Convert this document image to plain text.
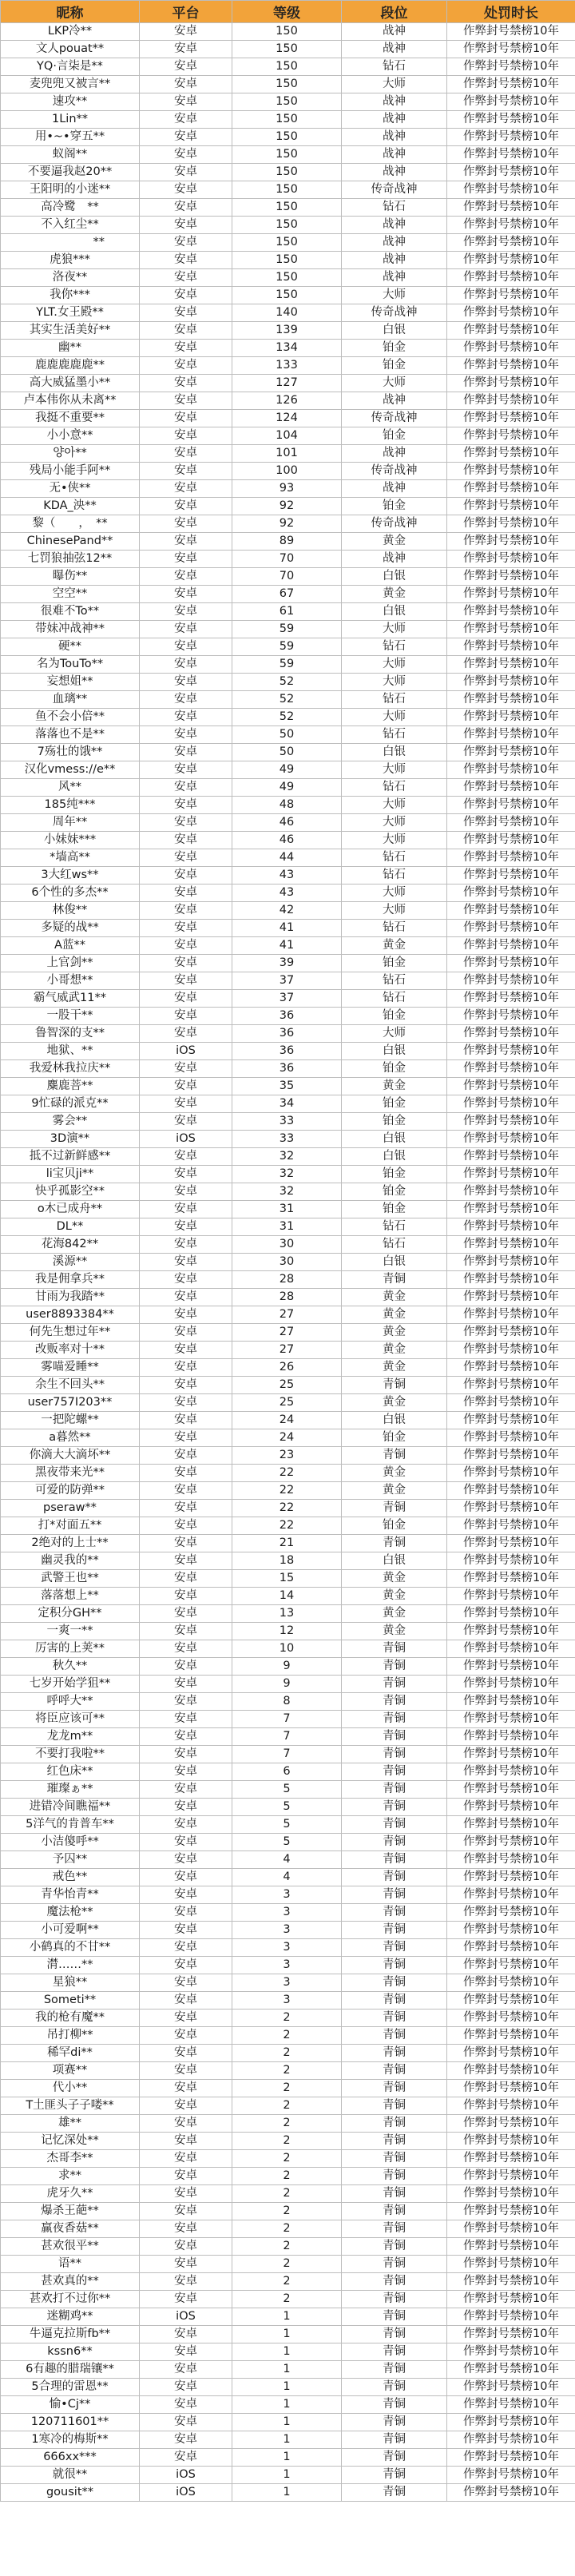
昵称	平台	等级	段位	处罚时长
LKP冷**	安卓	150	战神	作弊封号禁榜10年
文人pouat**	安卓	150	战神	作弊封号禁榜10年
YQ·言柒是**	安卓	150	钻石	作弊封号禁榜10年
麦兜兜又被言**	安卓	150	大师	作弊封号禁榜10年
速攻**	安卓	150	战神	作弊封号禁榜10年
1Lin**	安卓	150	战神	作弊封号禁榜10年
用•~•穿五**	安卓	150	战神	作弊封号禁榜10年
蚁阁**	安卓	150	战神	作弊封号禁榜10年
不要逼我赵20**	安卓	150	战神	作弊封号禁榜10年
王阳明的小迷**	安卓	150	传奇战神	作弊封号禁榜10年
高冷鹭　**	安卓	150	钻石	作弊封号禁榜10年
不入红尘**	安卓	150	战神	作弊封号禁榜10年
　　　　　**	安卓	150	战神	作弊封号禁榜10年
虎狼***	安卓	150	战神	作弊封号禁榜10年
洛夜**	安卓	150	战神	作弊封号禁榜10年
我你***	安卓	150	大师	作弊封号禁榜10年
YLT.女王殿**	安卓	140	传奇战神	作弊封号禁榜10年
其实生活美好**	安卓	139	白银	作弊封号禁榜10年
幽**	安卓	134	铂金	作弊封号禁榜10年
鹿鹿鹿鹿鹿**	安卓	133	铂金	作弊封号禁榜10年
高大威猛墨小**	安卓	127	大师	作弊封号禁榜10年
卢本伟你从未离**	安卓	126	战神	作弊封号禁榜10年
我挺不重要**	安卓	124	传奇战神	作弊封号禁榜10年
小小意**	安卓	104	铂金	作弊封号禁榜10年
양아**	安卓	101	战神	作弊封号禁榜10年
残局小能手阿**	安卓	100	传奇战神	作弊封号禁榜10年
无•侠**	安卓	93	战神	作弊封号禁榜10年
KDA_泱**	安卓	92	铂金	作弊封号禁榜10年
黎（　　，　**	安卓	92	传奇战神	作弊封号禁榜10年
ChinesePand**	安卓	89	黄金	作弊封号禁榜10年
七罚狼抽弦12**	安卓	70	战神	作弊封号禁榜10年
曝伤**	安卓	70	白银	作弊封号禁榜10年
空空**	安卓	67	黄金	作弊封号禁榜10年
很难不To**	安卓	61	白银	作弊封号禁榜10年
带妹冲战神**	安卓	59	大师	作弊封号禁榜10年
硬**	安卓	59	钻石	作弊封号禁榜10年
名为TouTo**	安卓	59	大师	作弊封号禁榜10年
妄想姐**	安卓	52	大师	作弊封号禁榜10年
血璃**	安卓	52	钻石	作弊封号禁榜10年
鱼不会小倍**	安卓	52	大师	作弊封号禁榜10年
落落也不是**	安卓	50	钻石	作弊封号禁榜10年
7殇壮的饿**	安卓	50	白银	作弊封号禁榜10年
汉化vmess://e**	安卓	49	大师	作弊封号禁榜10年
风**	安卓	49	钻石	作弊封号禁榜10年
185纯***	安卓	48	大师	作弊封号禁榜10年
周年**	安卓	46	大师	作弊封号禁榜10年
小妹妹***	安卓	46	大师	作弊封号禁榜10年
*墙高**	安卓	44	钻石	作弊封号禁榜10年
3大红ws**	安卓	43	钻石	作弊封号禁榜10年
6个性的多杰**	安卓	43	大师	作弊封号禁榜10年
林俊**	安卓	42	大师	作弊封号禁榜10年
多疑的战**	安卓	41	钻石	作弊封号禁榜10年
A蓝**	安卓	41	黄金	作弊封号禁榜10年
上官剑**	安卓	39	铂金	作弊封号禁榜10年
小哥想**	安卓	37	钻石	作弊封号禁榜10年
霸气威武11**	安卓	37	钻石	作弊封号禁榜10年
一股干**	安卓	36	铂金	作弊封号禁榜10年
鲁智深的支**	安卓	36	大师	作弊封号禁榜10年
地狱、**	iOS	36	白银	作弊封号禁榜10年
我爱林我拉庆**	安卓	36	铂金	作弊封号禁榜10年
麋鹿菩**	安卓	35	黄金	作弊封号禁榜10年
9忙碌的派克**	安卓	34	铂金	作弊封号禁榜10年
雾会**	安卓	33	铂金	作弊封号禁榜10年
3D演**	iOS	33	白银	作弊封号禁榜10年
抵不过新鲜感**	安卓	32	白银	作弊封号禁榜10年
li宝贝ji**	安卓	32	铂金	作弊封号禁榜10年
快乎孤影空**	安卓	32	铂金	作弊封号禁榜10年
o木已成舟**	安卓	31	铂金	作弊封号禁榜10年
DL**	安卓	31	钻石	作弊封号禁榜10年
花海842**	安卓	30	钻石	作弊封号禁榜10年
溪源**	安卓	30	白银	作弊封号禁榜10年
我是佣拿兵**	安卓	28	青铜	作弊封号禁榜10年
甘雨为我踏**	安卓	28	黄金	作弊封号禁榜10年
user8893384**	安卓	27	黄金	作弊封号禁榜10年
何先生想过年**	安卓	27	黄金	作弊封号禁榜10年
改贩率对十**	安卓	27	黄金	作弊封号禁榜10年
雾喵爱睡**	安卓	26	黄金	作弊封号禁榜10年
余生不回头**	安卓	25	青铜	作弊封号禁榜10年
user757I203**	安卓	25	黄金	作弊封号禁榜10年
一把陀螺**	安卓	24	白银	作弊封号禁榜10年
a暮然**	安卓	24	铂金	作弊封号禁榜10年
你滴大大滴坏**	安卓	23	青铜	作弊封号禁榜10年
黑夜带来光**	安卓	22	黄金	作弊封号禁榜10年
可爱的防弹**	安卓	22	黄金	作弊封号禁榜10年
pseraw**	安卓	22	青铜	作弊封号禁榜10年
打*对面五**	安卓	22	铂金	作弊封号禁榜10年
2绝对的上士**	安卓	21	青铜	作弊封号禁榜10年
幽灵我的**	安卓	18	白银	作弊封号禁榜10年
武警王也**	安卓	15	黄金	作弊封号禁榜10年
落落想上**	安卓	14	黄金	作弊封号禁榜10年
定积分GH**	安卓	13	黄金	作弊封号禁榜10年
一爽一**	安卓	12	黄金	作弊封号禁榜10年
厉害的上荚**	安卓	10	青铜	作弊封号禁榜10年
秋久**	安卓	9	青铜	作弊封号禁榜10年
七岁开始学狙**	安卓	9	青铜	作弊封号禁榜10年
呼呼大**	安卓	8	青铜	作弊封号禁榜10年
将臣应该可**	安卓	7	青铜	作弊封号禁榜10年
龙龙m**	安卓	7	青铜	作弊封号禁榜10年
不要打我啦**	安卓	7	青铜	作弊封号禁榜10年
红色床**	安卓	6	青铜	作弊封号禁榜10年
璀璨ぁ**	安卓	5	青铜	作弊封号禁榜10年
进错冷间瞧福**	安卓	5	青铜	作弊封号禁榜10年
5洋气的肯普车**	安卓	5	青铜	作弊封号禁榜10年
小洁傻呼**	安卓	5	青铜	作弊封号禁榜10年
予囚**	安卓	4	青铜	作弊封号禁榜10年
戒色**	安卓	4	青铜	作弊封号禁榜10年
青华怡青**	安卓	3	青铜	作弊封号禁榜10年
魔法枪**	安卓	3	青铜	作弊封号禁榜10年
小可爱啊**	安卓	3	青铜	作弊封号禁榜10年
小鹤真的不甘**	安卓	3	青铜	作弊封号禁榜10年
潸……**	安卓	3	青铜	作弊封号禁榜10年
星狼**	安卓	3	青铜	作弊封号禁榜10年
Someti**	安卓	3	青铜	作弊封号禁榜10年
我的枪有魔**	安卓	2	青铜	作弊封号禁榜10年
吊打柳**	安卓	2	青铜	作弊封号禁榜10年
稀罕di**	安卓	2	青铜	作弊封号禁榜10年
项赛**	安卓	2	青铜	作弊封号禁榜10年
代小**	安卓	2	青铜	作弊封号禁榜10年
T土匪头子子喽**	安卓	2	青铜	作弊封号禁榜10年
雄**	安卓	2	青铜	作弊封号禁榜10年
记忆深处**	安卓	2	青铜	作弊封号禁榜10年
杰哥李**	安卓	2	青铜	作弊封号禁榜10年
求**	安卓	2	青铜	作弊封号禁榜10年
虎牙久**	安卓	2	青铜	作弊封号禁榜10年
爆杀王葩**	安卓	2	青铜	作弊封号禁榜10年
赢夜香菇**	安卓	2	青铜	作弊封号禁榜10年
甚欢很平**	安卓	2	青铜	作弊封号禁榜10年
语**	安卓	2	青铜	作弊封号禁榜10年
甚欢真的**	安卓	2	青铜	作弊封号禁榜10年
甚欢打不过你**	安卓	2	青铜	作弊封号禁榜10年
迷糊鸡**	iOS	1	青铜	作弊封号禁榜10年
牛逼克拉斯fb**	安卓	1	青铜	作弊封号禁榜10年
kssn6**	安卓	1	青铜	作弊封号禁榜10年
6有趣的腊瑞镶**	安卓	1	青铜	作弊封号禁榜10年
5合理的雷恩**	安卓	1	青铜	作弊封号禁榜10年
愉•Cj**	安卓	1	青铜	作弊封号禁榜10年
120711601**	安卓	1	青铜	作弊封号禁榜10年
1寒冷的梅斯**	安卓	1	青铜	作弊封号禁榜10年
666xx***	安卓	1	青铜	作弊封号禁榜10年
就很**	iOS	1	青铜	作弊封号禁榜10年
gousit**	iOS	1	青铜	作弊封号禁榜10年
